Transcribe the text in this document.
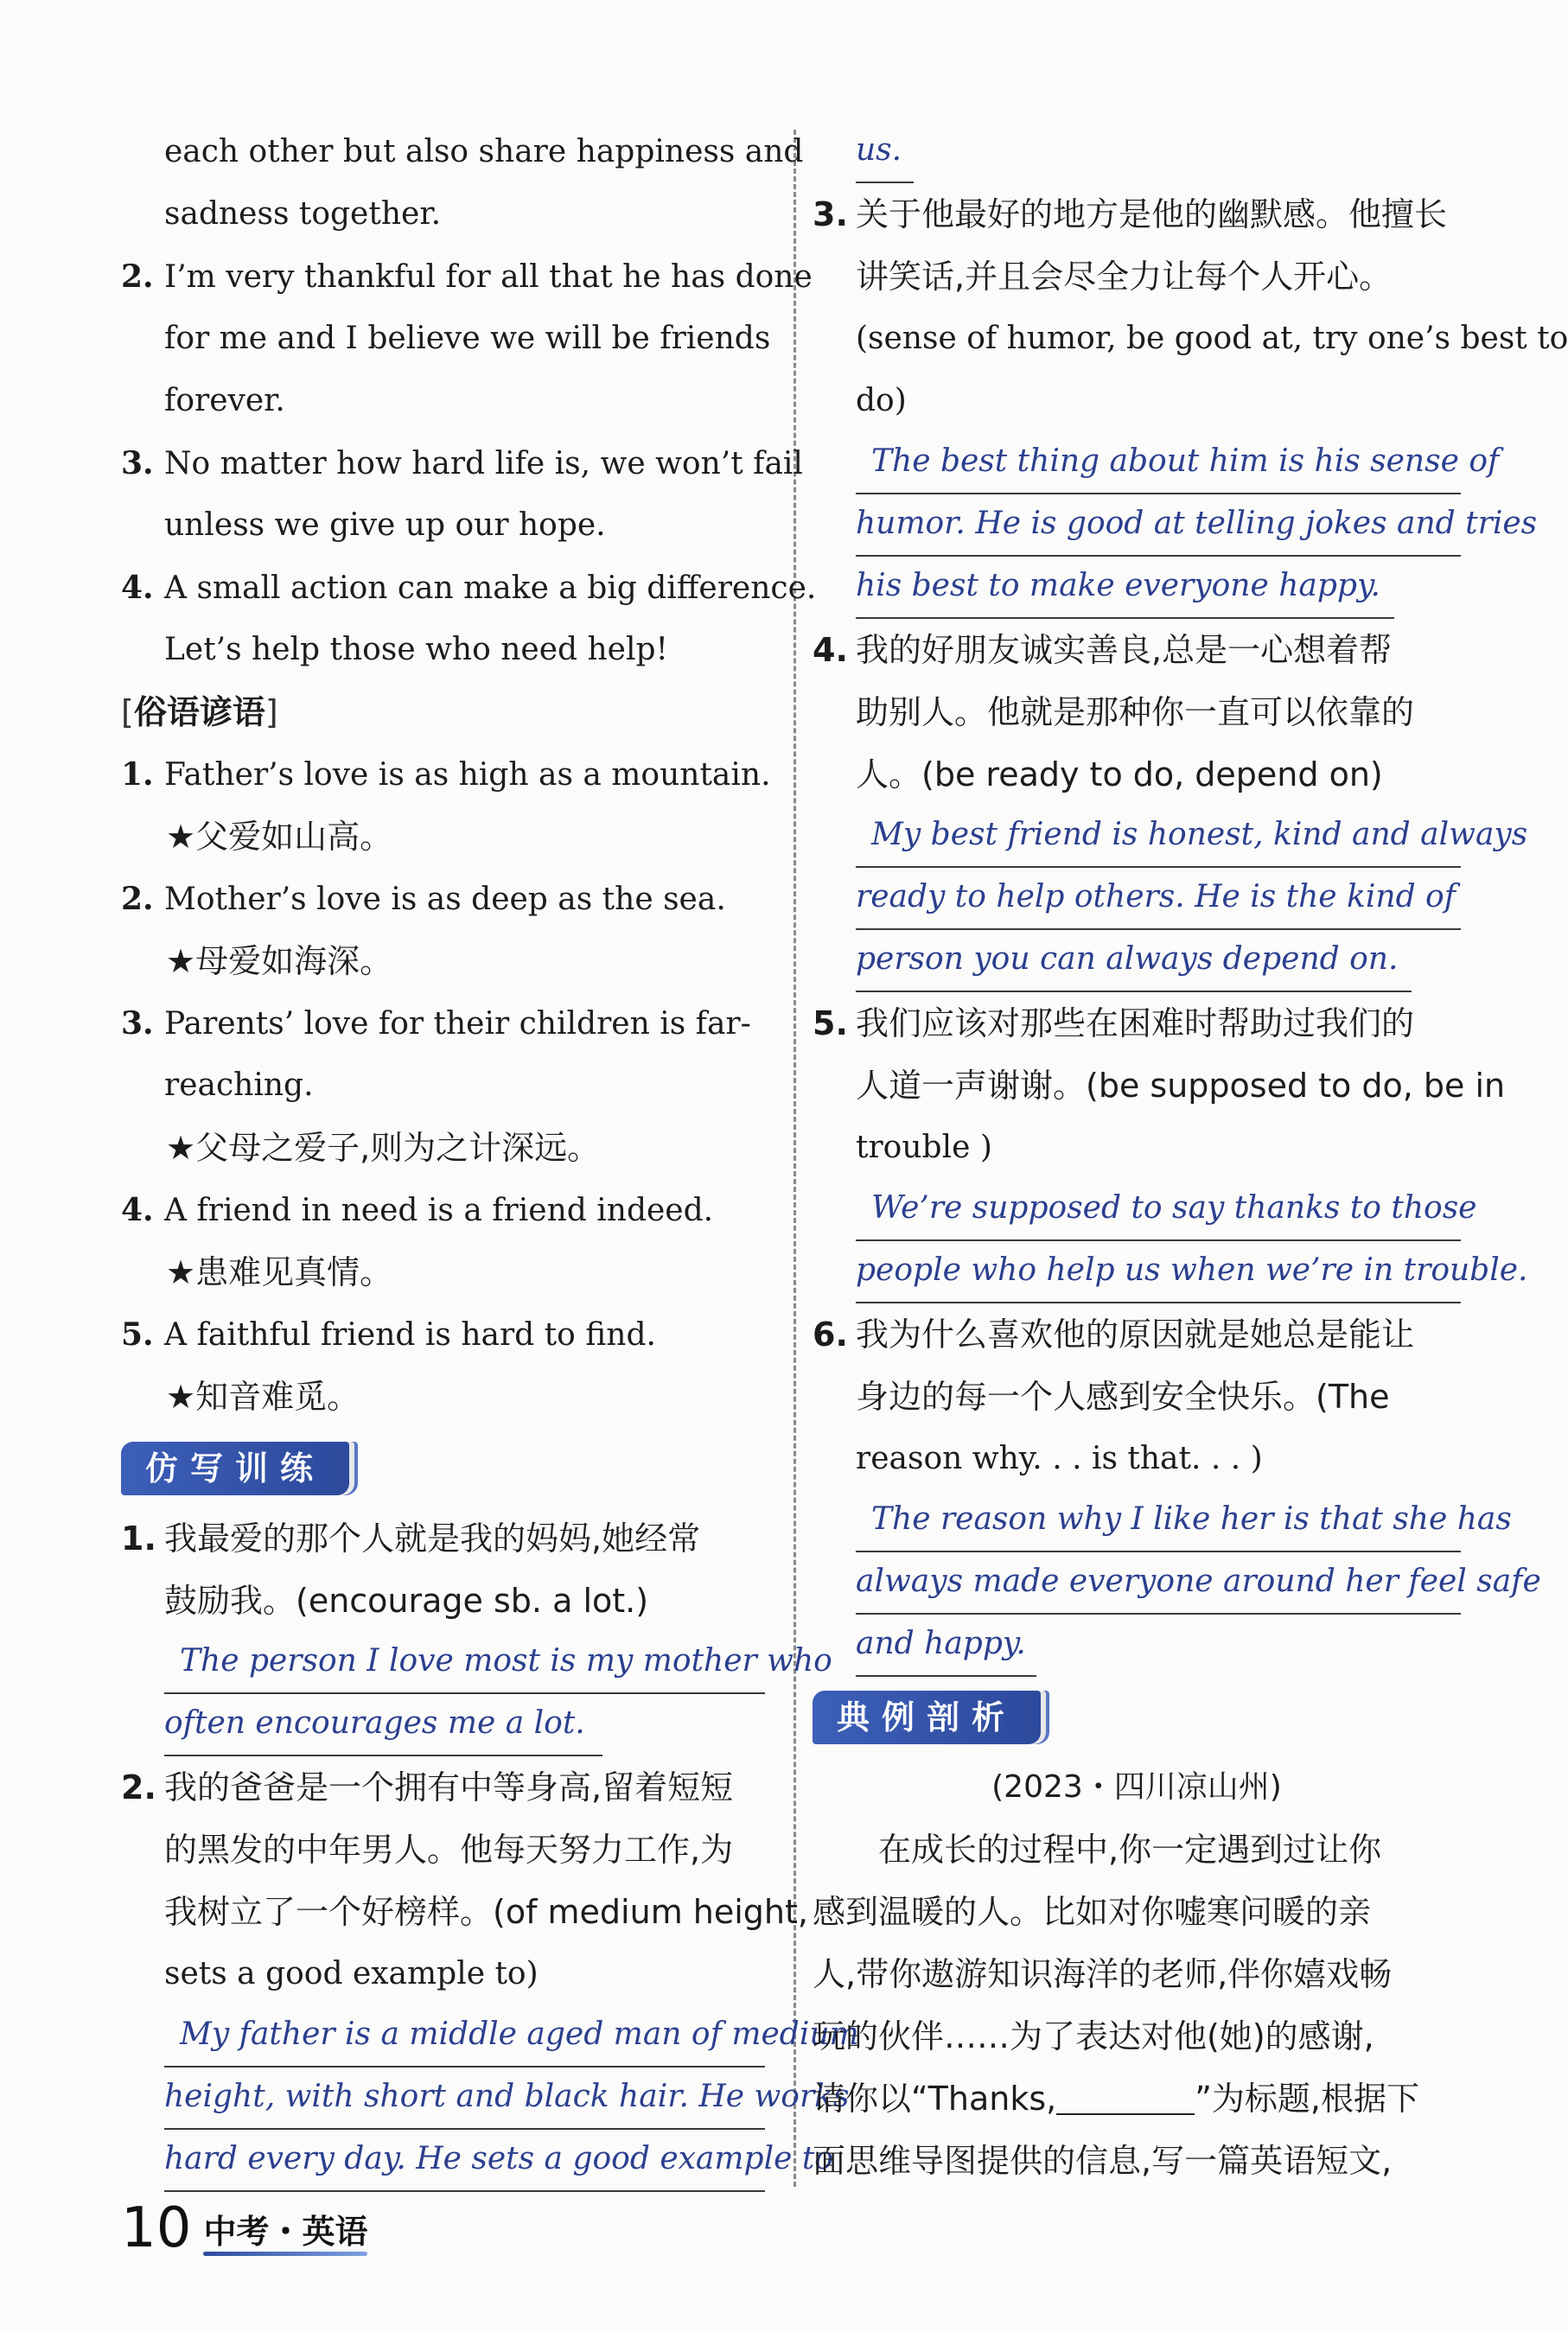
each other but also share happiness and
sadness together.
2. I’m very thankful for all that he has done
for me and I believe we will be friends
forever.
3. No matter how hard life is, we won’t fail
unless we give up our hope.
4. A small action can make a big difference.
Let’s help those who need help!
[俗语谚语]
1. Father’s love is as high as a mountain.
★父爱如山高。
2. Mother’s love is as deep as the sea.
★母爱如海深。
3. Parents’ love for their children is far-
reaching.
★父母之爱子,则为之计深远。
4. A friend in need is a friend indeed.
★患难见真情。
5. A faithful friend is hard to find.
★知音难觅。
仿写训练
1. 我最爱的那个人就是我的妈妈,她经常
鼓励我。(encourage sb. a lot.)
The person I love most is my mother who
often encourages me a lot.
2. 我的爸爸是一个拥有中等身高,留着短短
的黑发的中年男人。他每天努力工作,为
我树立了一个好榜样。(of medium height,
sets a good example to)
My father is a middle aged man of medium
height, with short and black hair. He works
hard every day. He sets a good example to
us.
3. 关于他最好的地方是他的幽默感。他擅长
讲笑话,并且会尽全力让每个人开心。
(sense of humor, be good at, try one’s best to
do)
The best thing about him is his sense of
humor. He is good at telling jokes and tries
his best to make everyone happy.
4. 我的好朋友诚实善良,总是一心想着帮
助别人。他就是那种你一直可以依靠的
人。(be ready to do, depend on)
My best friend is honest, kind and always
ready to help others. He is the kind of
person you can always depend on.
5. 我们应该对那些在困难时帮助过我们的
人道一声谢谢。(be supposed to do, be in
trouble )
We’re supposed to say thanks to those
people who help us when we’re in trouble.
6. 我为什么喜欢他的原因就是她总是能让
身边的每一个人感到安全快乐。(The
reason why. . . is that. . . )
The reason why I like her is that she has
always made everyone around her feel safe
and happy.
典例剖析
(2023・四川凉山州)
在成长的过程中,你一定遇到过让你
感到温暖的人。比如对你嘘寒问暖的亲
人,带你遨游知识海洋的老师,伴你嬉戏畅
玩的伙伴……为了表达对他(她)的感谢,
请你以“Thanks,	”为标题,根据下
面思维导图提供的信息,写一篇英语短文,
10 中考・英语
